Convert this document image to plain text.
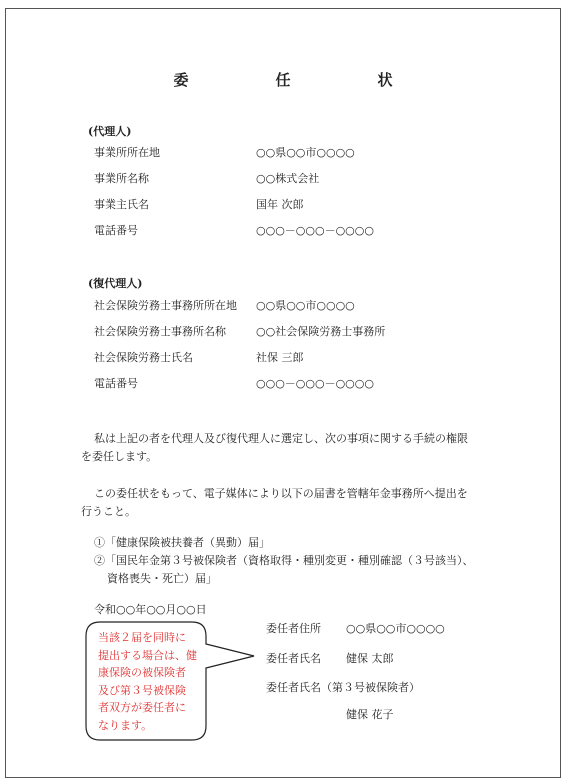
委　任　状
(代理人)
事業所所在地	○○県○○市○○○○
事業所名称	○○株式会社
事業主氏名	国年 次郎
電話番号	○○○－○○○－○○○○
(復代理人)
社会保険労務士事務所所在地 ○○県○○市○○○○
社会保険労務士事務所名称	○○社会保険労務士事務所
社会保険労務士氏名	社保 三郎
電話番号	○○○－○○○－○○○○
私は上記の者を代理人及び復代理人に選定し、次の事項に関する手続の権限
を委任します。
この委任状をもって、電子媒体により以下の届書を管轄年金事務所へ提出を
行うこと。
①「健康保険被扶養者（異動）届」
②「国民年金第３号被保険者（資格取得・種別変更・種別確認（３号該当）、
資格喪失・死亡）届」
令和○○年○○月○○日
委任者住所 ○○県○○市○○○○
委任者氏名 健保 太郎
委任者氏名（第３号被保険者）
健保 花子
当該２届を同時に
提出する場合は、健
康保険の被保険者
及び第３号被保険
者双方が委任者に
なります。
